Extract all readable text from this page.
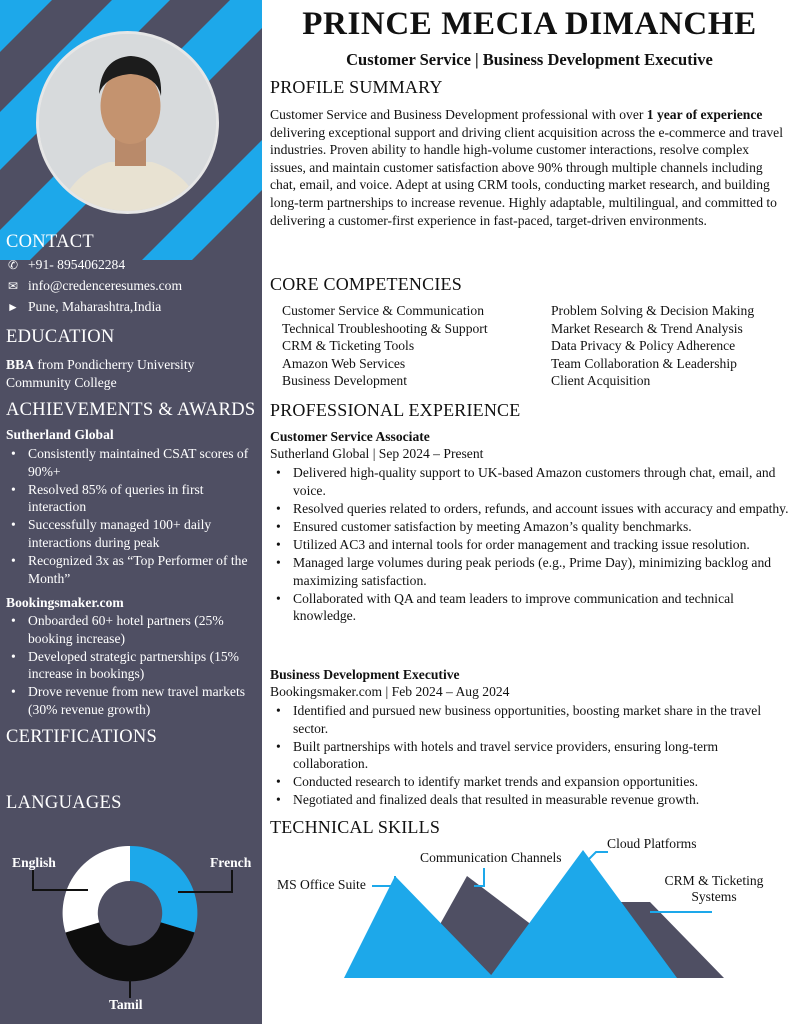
CONTACT
✆ +91- 8954062284
✉ info@credenceresumes.com
► Pune, Maharashtra,India
EDUCATION
BBA from Pondicherry University
Community College
ACHIEVEMENTS & AWARDS
Sutherland Global
• Consistently maintained CSAT scores of 90%+
• Resolved 85% of queries in first interaction
• Successfully managed 100+ daily interactions during peak
• Recognized 3x as “Top Performer of the Month”
Bookingsmaker.com
• Onboarded 60+ hotel partners (25% booking increase)
• Developed strategic partnerships (15% increase in bookings)
• Drove revenue from new travel markets (30% revenue growth)
CERTIFICATIONS
LANGUAGES
English	French
Tamil
PRINCE MECIA DIMANCHE
Customer Service | Business Development Executive
PROFILE SUMMARY
Customer Service and Business Development professional with over 1 year of experience delivering exceptional support and driving client acquisition across the e-commerce and travel industries. Proven ability to handle high-volume customer interactions, resolve complex issues, and maintain customer satisfaction above 90% through multiple channels including chat, email, and voice. Adept at using CRM tools, conducting market research, and building long-term partnerships to increase revenue. Highly adaptable, multilingual, and committed to delivering a customer-first experience in fast-paced, target-driven environments.
CORE COMPETENCIES
Customer Service & Communication
Technical Troubleshooting & Support
CRM & Ticketing Tools
Amazon Web Services
Business Development
Problem Solving & Decision Making
Market Research & Trend Analysis
Data Privacy & Policy Adherence
Team Collaboration & Leadership
Client Acquisition
PROFESSIONAL EXPERIENCE
Customer Service Associate
Sutherland Global | Sep 2024 – Present
• Delivered high-quality support to UK-based Amazon customers through chat, email, and voice.
• Resolved queries related to orders, refunds, and account issues with accuracy and empathy.
• Ensured customer satisfaction by meeting Amazon’s quality benchmarks.
• Utilized AC3 and internal tools for order management and tracking issue resolution.
• Managed large volumes during peak periods (e.g., Prime Day), minimizing backlog and maximizing satisfaction.
• Collaborated with QA and team leaders to improve communication and technical knowledge.
Business Development Executive
Bookingsmaker.com | Feb 2024 – Aug 2024
• Identified and pursued new business opportunities, boosting market share in the travel sector.
• Built partnerships with hotels and travel service providers, ensuring long-term collaboration.
• Conducted research to identify market trends and expansion opportunities.
• Negotiated and finalized deals that resulted in measurable revenue growth.
TECHNICAL SKILLS
MS Office Suite
Communication Channels
Cloud Platforms
CRM & Ticketing Systems
